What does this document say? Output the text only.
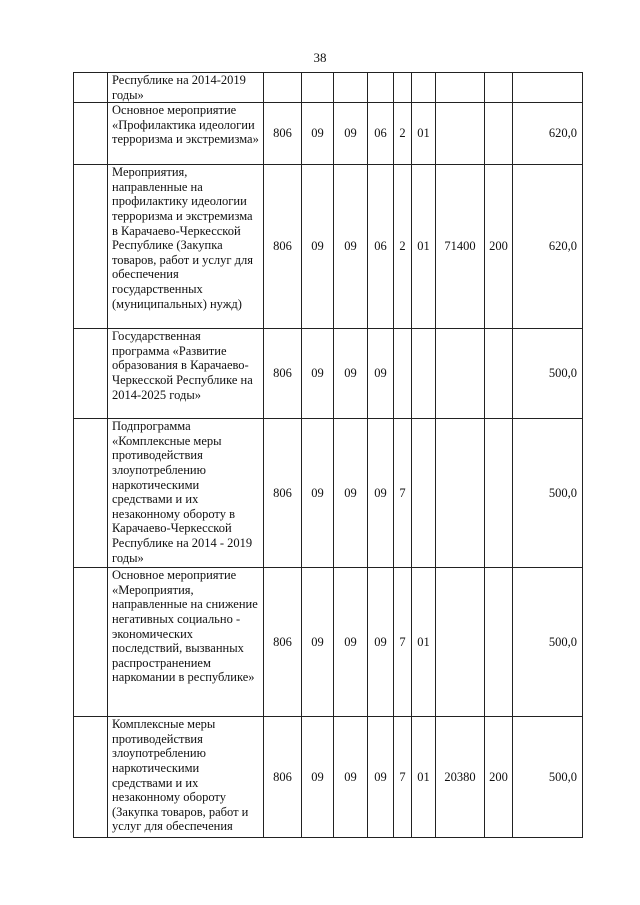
38
	Республике на 2014-2019 годы»									
	Основное мероприятие «Профилактика идеологии терроризма и экстремизма»	806	09	09	06	2	01			620,0
	Мероприятия, направленные на профилактику идеологии терроризма и экстремизма в Карачаево-Черкесской Республике (Закупка товаров, работ и услуг для обеспечения государственных (муниципальных) нужд)	806	09	09	06	2	01	71400	200	620,0
	Государственная программа «Развитие образования в Карачаево-Черкесской Республике на 2014-2025 годы»	806	09	09	09					500,0
	Подпрограмма «Комплексные меры противодействия злоупотреблению наркотическими средствами и их незаконному обороту в Карачаево-Черкесской Республике на 2014 - 2019 годы»	806	09	09	09	7				500,0
	Основное мероприятие «Мероприятия, направленные на снижение негативных социально - экономических последствий, вызванных распространением наркомании в республике»	806	09	09	09	7	01			500,0
	Комплексные меры противодействия злоупотреблению наркотическими средствами и их незаконному обороту (Закупка товаров, работ и услуг для обеспечения	806	09	09	09	7	01	20380	200	500,0
